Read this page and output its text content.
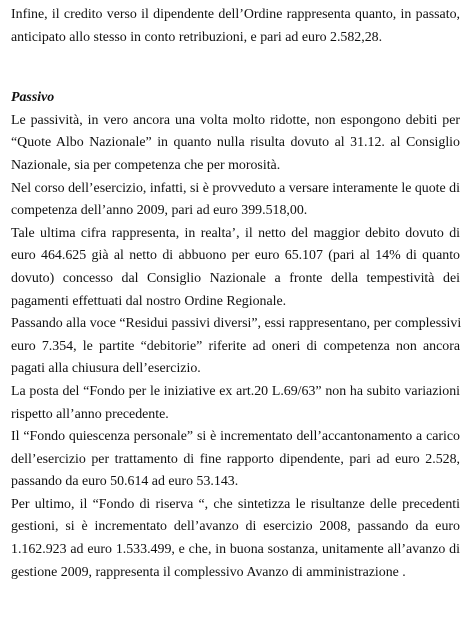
Infine, il credito verso il dipendente dell’Ordine rappresenta quanto, in passato,
anticipato allo stesso in conto retribuzioni, e pari ad euro 2.582,28.

Passivo

Le passività, in vero ancora una volta molto ridotte, non espongono debiti per
“Quote Albo Nazionale” in quanto nulla risulta dovuto al 31.12. al Consiglio
Nazionale, sia per competenza che per morosità.

Nel corso dell’esercizio, infatti, si è provveduto a versare interamente le quote di
competenza dell’anno 2009, pari ad euro 399.518,00.

Tale ultima cifra rappresenta, in realta’, il netto del maggior debito dovuto di
euro 464.625 già al netto di abbuono per euro 65.107 (pari al 14% di quanto
dovuto) concesso dal Consiglio Nazionale a fronte della tempestività dei
pagamenti effettuati dal nostro Ordine Regionale.

Passando alla voce “Residui passivi diversi”, essi rappresentano, per complessivi
euro 7.354, le partite “debitorie” riferite ad oneri di competenza non ancora
pagati alla chiusura dell’esercizio.

La posta del “Fondo per le iniziative ex art.20 L.69/63” non ha subito variazioni
rispetto all’anno precedente.

Il “Fondo quiescenza personale” si è incrementato dell’accantonamento a carico
dell’esercizio per trattamento di fine rapporto dipendente, pari ad euro 2.528,
passando da euro 50.614 ad euro 53.143.

Per ultimo, il “Fondo di riserva “, che sintetizza le risultanze delle precedenti
gestioni, si è incrementato dell’avanzo di esercizio 2008, passando da euro
1.162.923 ad euro 1.533.499, e che, in buona sostanza, unitamente all’avanzo di
gestione 2009, rappresenta il complessivo Avanzo di amministrazione .
